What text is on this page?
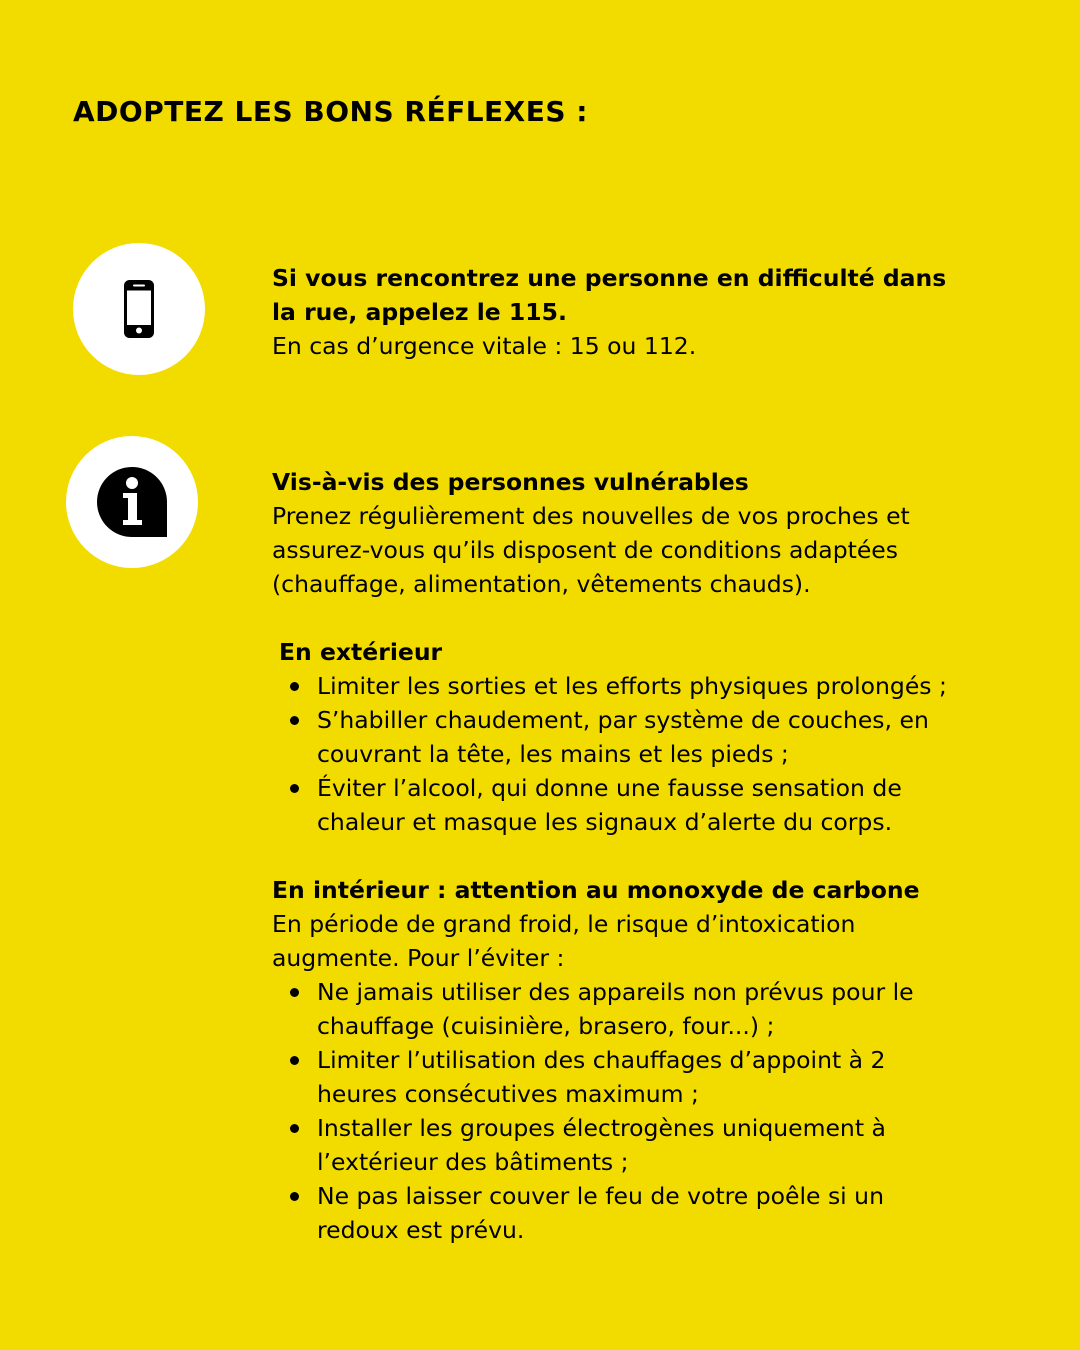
ADOPTEZ LES BONS RÉFLEXES :

Si vous rencontrez une personne en difficulté dans la rue, appelez le 115.

En cas d’urgence vitale : 15 ou 112.

Vis-à-vis des personnes vulnérables

Prenez régulièrement des nouvelles de vos proches et assurez-vous qu’ils disposent de conditions adaptées (chauffage, alimentation, vêtements chauds).

En extérieur

Limiter les sorties et les efforts physiques prolongés ;
S’habiller chaudement, par système de couches, en couvrant la tête, les mains et les pieds ;
Éviter l’alcool, qui donne une fausse sensation de chaleur et masque les signaux d’alerte du corps.

En intérieur : attention au monoxyde de carbone

En période de grand froid, le risque d’intoxication augmente. Pour l’éviter :

Ne jamais utiliser des appareils non prévus pour le chauffage (cuisinière, brasero, four...) ;
Limiter l’utilisation des chauffages d’appoint à 2 heures consécutives maximum ;
Installer les groupes électrogènes uniquement à l’extérieur des bâtiments ;
Ne pas laisser couver le feu de votre poêle si un redoux est prévu.
